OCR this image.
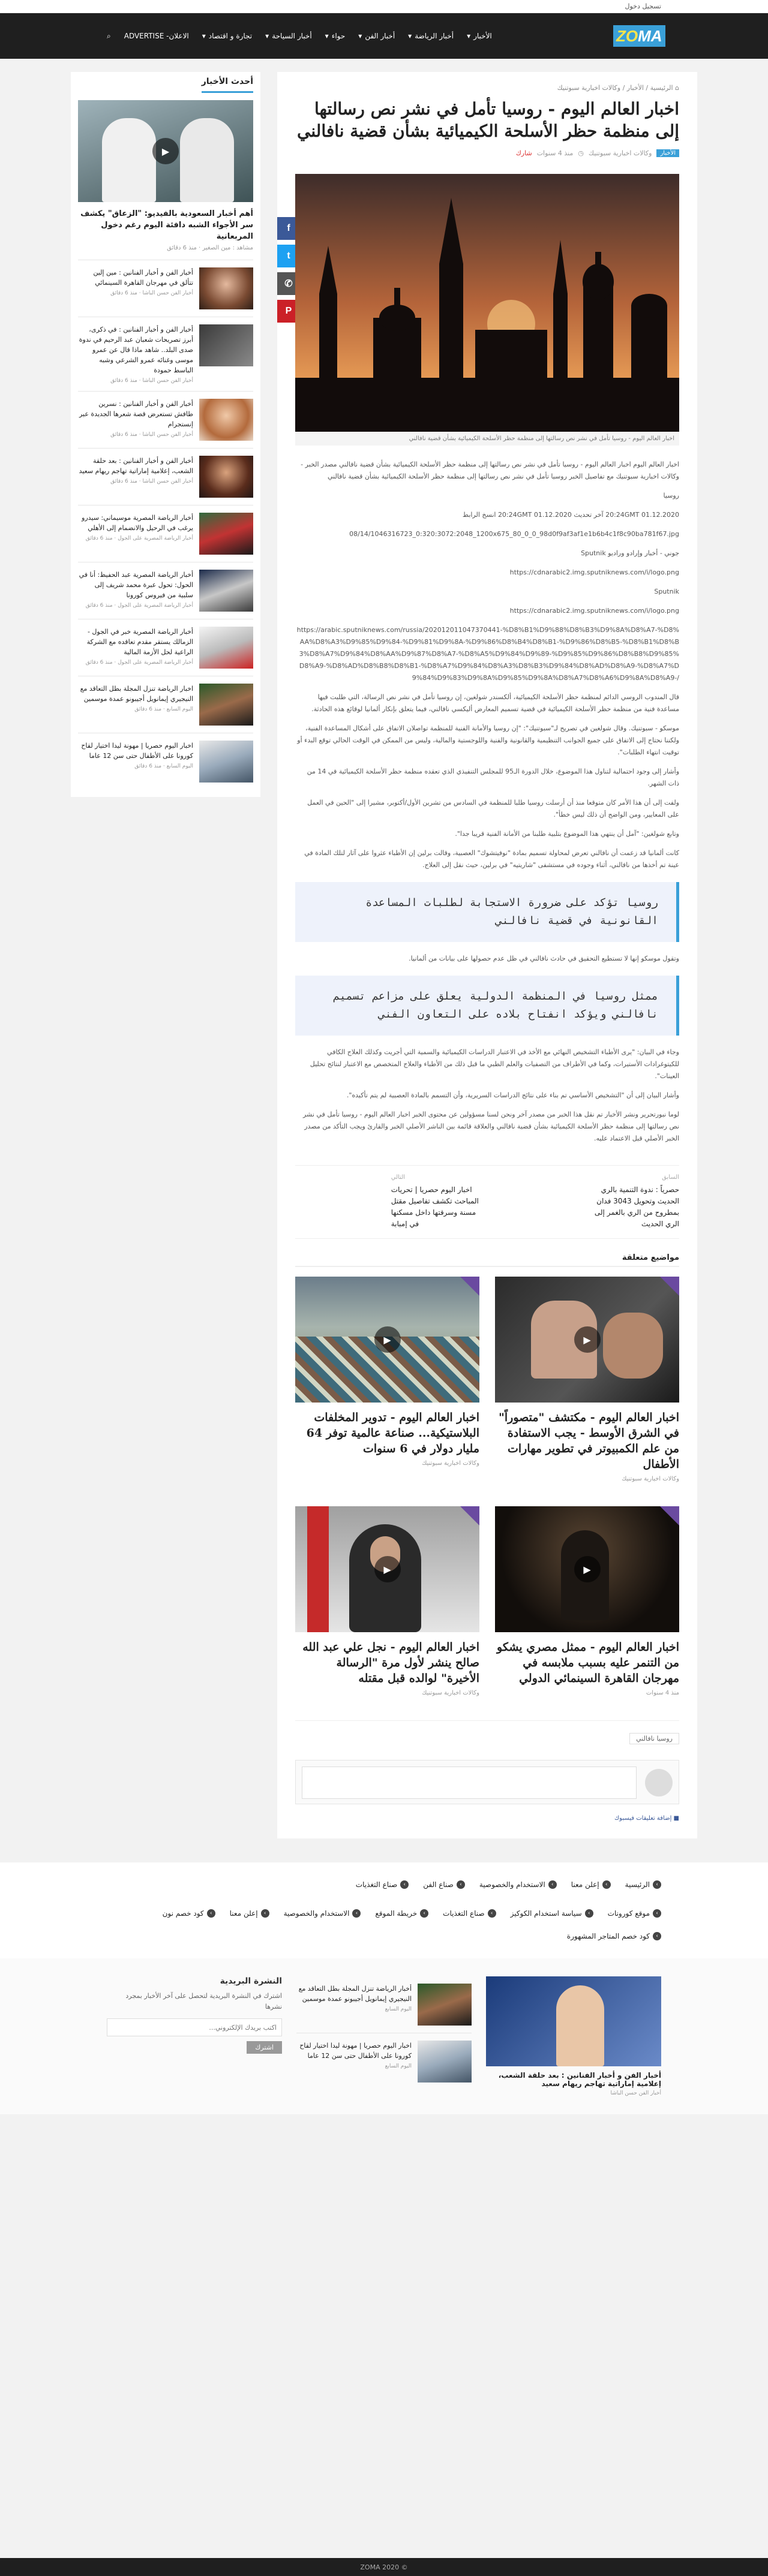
تسجيل دخول
ZOMA
الأخبار
▾
أخبار الرياضة
▾
أخبار الفن
▾
حواء
▾
أخبار السياحة
▾
تجارة و اقتصاد
▾
الاعلان- ADVERTISE
⌕
⌂ الرئيسية / الأخبار / وكالات اخبارية سبوتنيك
اخبار العالم اليوم - روسيا تأمل في نشر نص رسالتها إلى منظمة حظر الأسلحة الكيميائية بشأن قضية نافالني
الأخبار
وكالات اخبارية سبوتنيك
◷
منذ 4 سنوات
شارك
f
t
✆
P
اخبار العالم اليوم - روسيا تأمل في نشر نص رسالتها إلى منظمة حظر الأسلحة الكيميائية بشأن قضية نافالني

اخبار العالم اليوم اخبار العالم اليوم - روسيا تأمل في نشر نص رسالتها إلى منظمة حظر الأسلحة الكيميائية بشأن قضية نافالني مصدر الخبر - وكالات اخبارية سبوتنيك مع تفاصيل الخبر روسيا تأمل في نشر نص رسالتها إلى منظمة حظر الأسلحة الكيميائية بشأن قضية نافالني

روسيا

01.12.2020 20:24GMT آخر تحديث 01.12.2020 20:24GMT انسخ الرابط

08/14/1046316723_0:320:3072:2048_1200x675_80_0_0_98d0f9af3af1e1b6b4c1f8c90ba781f67.jpg

جوني - أخبار وإرادو وراديو Sputnik

https://cdnarabic2.img.sputniknews.com/i/logo.png

Sputnik

https://cdnarabic2.img.sputniknews.com/i/logo.png

https://arabic.sputniknews.com/russia/202012011047370441-%D8%B1%D9%88%D8%B3%D9%8A%D8%A7-%D8%AA%D8%A3%D9%85%D9%84-%D9%81%D9%8A-%D9%86%D8%B4%D8%B1-%D9%86%D8%B5-%D8%B1%D8%B3%D8%A7%D9%84%D8%AA%D9%87%D8%A7-%D8%A5%D9%84%D9%89-%D9%85%D9%86%D8%B8%D9%85%D8%A9-%D8%AD%D8%B8%D8%B1-%D8%A7%D9%84%D8%A3%D8%B3%D9%84%D8%AD%D8%A9-%D8%A7%D9%84%D9%83%D9%8A%D9%85%D9%8A%D8%A7%D8%A6%D9%8A%D8%A9-/

قال المندوب الروسي الدائم لمنظمة حظر الأسلحة الكيميائية، ألكسندر شولغين، إن روسيا تأمل في نشر نص الرسالة، التي طلبت فيها مساعدة فنية من منظمة حظر الأسلحة الكيميائية في قضية تسميم المعارض أليكسي نافالني، فيما يتعلق بإنكار ألمانيا لوقائع هذه الحادثة.

موسكو - سبوتنيك. وقال شولغين في تصريح لـ"سبوتنيك": "إن روسيا والأمانة الفنية للمنظمة تواصلان الاتفاق على أشكال المساعدة الفنية، ولكننا نحتاج إلى الاتفاق على جميع الجوانب التنظيمية والقانونية والفنية واللوجستية والمالية، وليس من الممكن في الوقت الحالي توقع البدء أو توقيت انتهاء الطلبات".

وأشار إلى وجود احتمالية لتناول هذا الموضوع، خلال الدورة الـ95 للمجلس التنفيذي الذي تعقده منظمة حظر الأسلحة الكيميائية في 14 من ذات الشهر.

ولفت إلى أن هذا الأمر كان متوقعا منذ أن أرسلت روسيا طلبا للمنظمة في السادس من تشرين الأول/أكتوبر، مشيرا إلى "الحين في العمل على المعايير، ومن الواضح أن ذلك ليس خطأ".

وتابع شولغين: "آمل أن ينتهي هذا الموضوع بتلبية طلبنا من الأمانة الفنية قريبا جدا".

كانت ألمانيا قد زعمت أن نافالني تعرض لمحاولة تسميم بمادة "نوفيتشوك" العصبية، وقالت برلين إن الأطباء عثروا على آثار لتلك المادة في عينة تم أخذها من نافالني، أثناء وجوده في مستشفى "شاريتيه" في برلين، حيث نقل إلى العلاج.

روسيا تؤكد على ضرورة الاستجابة لطلبات المساعدة القانونية في قضية نافالني

وتقول موسكو إنها لا تستطيع التحقيق في حادث نافالني في ظل عدم حصولها على بيانات من ألمانيا.

ممثل روسيا في المنظمة الدولية يعلق على مزاعم تسميم نافالني ويؤكد انفتاح بلاده على التعاون الفني

وجاء في البيان: "يرى الأطباء التشخيص النهائي مع الأخذ في الاعتبار الدراسات الكيميائية والسمية التي أجريت وكذلك العلاج الكافي للكيتوغرادات الأستيرات، وكما في الأطراف من التصفيات والعلم الطبي ما قبل ذلك من الأطباء والعلاج المتخصص مع الاعتبار لنتائج تحليل العينات".

وأشار البيان إلى أن "التشخيص الأساسي تم بناء على نتائج الدراسات السريرية، وأن التسمم بالمادة العصبية لم يتم تأكيده".

لوما نبورتحرير ونشر الأخبار تم نقل هذا الخبر من مصدر آخر ونحن لسنا مسؤولين عن محتوى الخبر اخبار العالم اليوم - روسيا تأمل في نشر نص رسالتها إلى منظمة حظر الأسلحة الكيميائية بشأن قضية نافالني والعلاقة قائمة بين الناشر الأصلي الخبر والقارئ ويجب التأكد من مصدر الخبر الأصلي قبل الاعتماد عليه.

السابق
حصرياً : ندوة التنمية بالري الحديث وتحويل 3043 فدان بمطروح من الري بالغمر إلى الري الحديث
التالي
اخبار اليوم حصريا | تحريات المباحث تكشف تفاصيل مقتل مسنة وسرقتها داخل مسكنها في إمبابة
مواضيع متعلقة
▶
اخبار العالم اليوم - مكتشف "متصوراً" في الشرق الأوسط - يجب الاستفادة من علم الكمبيوتر في تطوير مهارات الأطفال
وكالات اخبارية سبوتنيك
▶
اخبار العالم اليوم - تدوير المخلفات البلاستيكية... صناعة عالمية توفر 64 مليار دولار في 6 سنوات
وكالات اخبارية سبوتنيك
▶
اخبار العالم اليوم - ممثل مصري يشكو من التنمر عليه بسبب ملابسه في مهرجان القاهرة السينمائي الدولي
منذ 4 سنوات
▶
اخبار العالم اليوم - نجل علي عبد الله صالح ينشر لأول مرة "الرسالة الأخيرة" لوالده قبل مقتله
وكالات اخبارية سبوتنيك
روسيا نافالني
■ إضافة تعليقات فيسبوك
أحدث الأخبار
▶
أهم أخبار السعودية بالفيديو: "الزعاق" يكشف سر الأجواء الشبه دافئة اليوم رغم دخول المربعانية
مشاهد : مين الصغير · منذ 6 دقائق
أخبار الفن و أخبار الفنانين : مين إلين تتألق في مهرجان القاهرة السينمائي
أخبار الفن حسن الباشا · منذ 6 دقائق
أخبار الفن و أخبار الفنانين : في ذكرى، أبرز تصريحات شعبان عبد الرحيم في ندوة صدى البلد.. شاهد ماذا قال عن عمرو موسى وغنائه عمرو الشرعي وشبه الباسط حمودة
أخبار الفن حسن الباشا · منذ 6 دقائق
أخبار الفن و أخبار الفنانين : نسرين طافش تستعرض قصة شعرها الجديدة عبر إنستجرام
أخبار الفن حسن الباشا · منذ 6 دقائق
أخبار الفن و أخبار الفنانين : بعد حلقة الشعب، إعلامية إماراتية تهاجم ريهام سعيد
أخبار الفن حسن الباشا · منذ 6 دقائق
أخبار الرياضة المصرية موسيماني: سيدرو يرغب في الرحيل والانضمام إلى الأهلي
أخبار الرياضة المصرية على الجول · منذ 6 دقائق
أخبار الرياضة المصرية عبد الحفيظ: أنا في الحول: تحول عبرة محمد شريف إلى سلبية من فيروس كورونا
أخبار الرياضة المصرية على الجول · منذ 6 دقائق
أخبار الرياضة المصرية خبر في الجول - الزمالك يستقر مقدم تعاقده مع الشركة الراعية لحل الأزمة المالية
أخبار الرياضة المصرية على الجول · منذ 6 دقائق
اخبار الرياضة تنزل المجلة بطل التعاقد مع النيجيري إيمانويل أجيبونو عمدة موسمين
اليوم السابع · منذ 6 دقائق
اخبار اليوم حصريا | مهونة ليدا اختيار لقاح كورونا على الأطفال حتى سن 12 عاما
اليوم السابع · منذ 6 دقائق
›
الرئيسية
›
إعلن معنا
›
الاستخدام والخصوصية
›
صناع الفن
›
صناع التغذيات
›
موقع كورونات
›
سياسة استخدام الكوكيز
›
صناع التغذيات
›
خريطة الموقع
›
الاستخدام والخصوصية
›
إعلن معنا
›
كود خصم نون
›
كود خصم المتاجر المشهورة
أخبار الفن و أخبار الفنانين : بعد حلقة الشعب، إعلامية إماراتية تهاجم ريهام سعيد
أخبار الفن حسن الباشا
أخبار الرياضة تنزل المجلة بطل التعاقد مع النيجيري إيمانويل أجيبونو عمدة موسمين
اليوم السابع
اخبار اليوم حصريا | مهونة ليدا اختيار لقاح كورونا على الأطفال حتى سن 12 عاما
اليوم السابع
النشرة البريدية
اشترك في النشرة البريدية لتحصل على آخر الأخبار بمجرد نشرها
اكتب بريدك الإلكتروني... اشترك
© 2020 ZOMA
